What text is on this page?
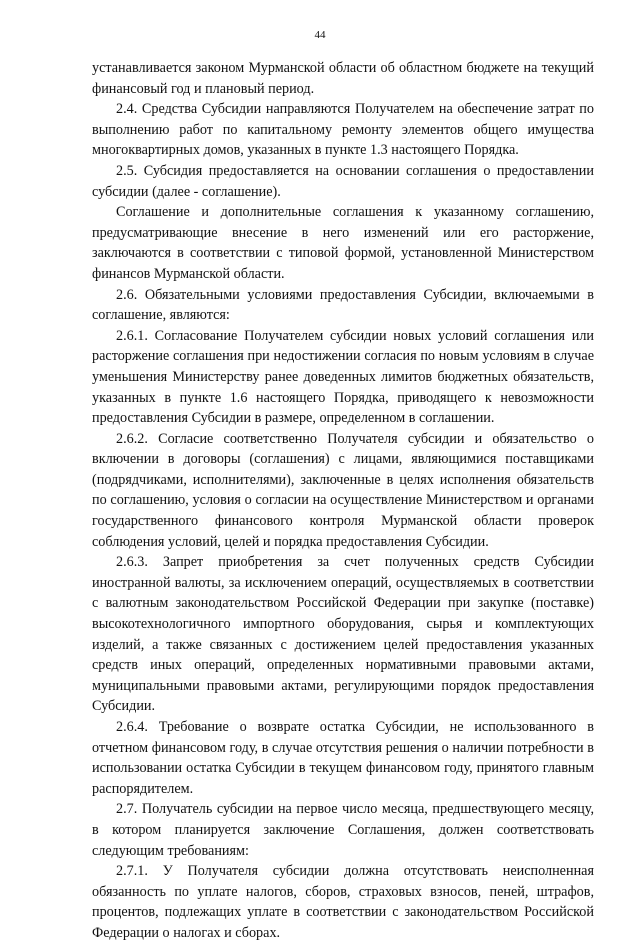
44

устанавливается законом Мурманской области об областном бюджете на текущий финансовый год и плановый период.

2.4. Средства Субсидии направляются Получателем на обеспечение затрат по выполнению работ по капитальному ремонту элементов общего имущества многоквартирных домов, указанных в пункте 1.3 настоящего Порядка.

2.5. Субсидия предоставляется на основании соглашения о предоставлении субсидии (далее - соглашение).

Соглашение и дополнительные соглашения к указанному соглашению, предусматривающие внесение в него изменений или его расторжение, заключаются в соответствии с типовой формой, установленной Министерством финансов Мурманской области.

2.6. Обязательными условиями предоставления Субсидии, включаемыми в соглашение, являются:

2.6.1. Согласование Получателем субсидии новых условий соглашения или расторжение соглашения при недостижении согласия по новым условиям в случае уменьшения Министерству ранее доведенных лимитов бюджетных обязательств, указанных в пункте 1.6 настоящего Порядка, приводящего к невозможности предоставления Субсидии в размере, определенном в соглашении.

2.6.2. Согласие соответственно Получателя субсидии и обязательство о включении в договоры (соглашения) с лицами, являющимися поставщиками (подрядчиками, исполнителями), заключенные в целях исполнения обязательств по соглашению, условия о согласии на осуществление Министерством и органами государственного финансового контроля Мурманской области проверок соблюдения условий, целей и порядка предоставления Субсидии.

2.6.3. Запрет приобретения за счет полученных средств Субсидии иностранной валюты, за исключением операций, осуществляемых в соответствии с валютным законодательством Российской Федерации при закупке (поставке) высокотехнологичного импортного оборудования, сырья и комплектующих изделий, а также связанных с достижением целей предоставления указанных средств иных операций, определенных нормативными правовыми актами, муниципальными правовыми актами, регулирующими порядок предоставления Субсидии.

2.6.4. Требование о возврате остатка Субсидии, не использованного в отчетном финансовом году, в случае отсутствия решения о наличии потребности в использовании остатка Субсидии в текущем финансовом году, принятого главным распорядителем.

2.7. Получатель субсидии на первое число месяца, предшествующего месяцу, в котором планируется заключение Соглашения, должен соответствовать следующим требованиям:

2.7.1. У Получателя субсидии должна отсутствовать неисполненная обязанность по уплате налогов, сборов, страховых взносов, пеней, штрафов, процентов, подлежащих уплате в соответствии с законодательством Российской Федерации о налогах и сборах.
